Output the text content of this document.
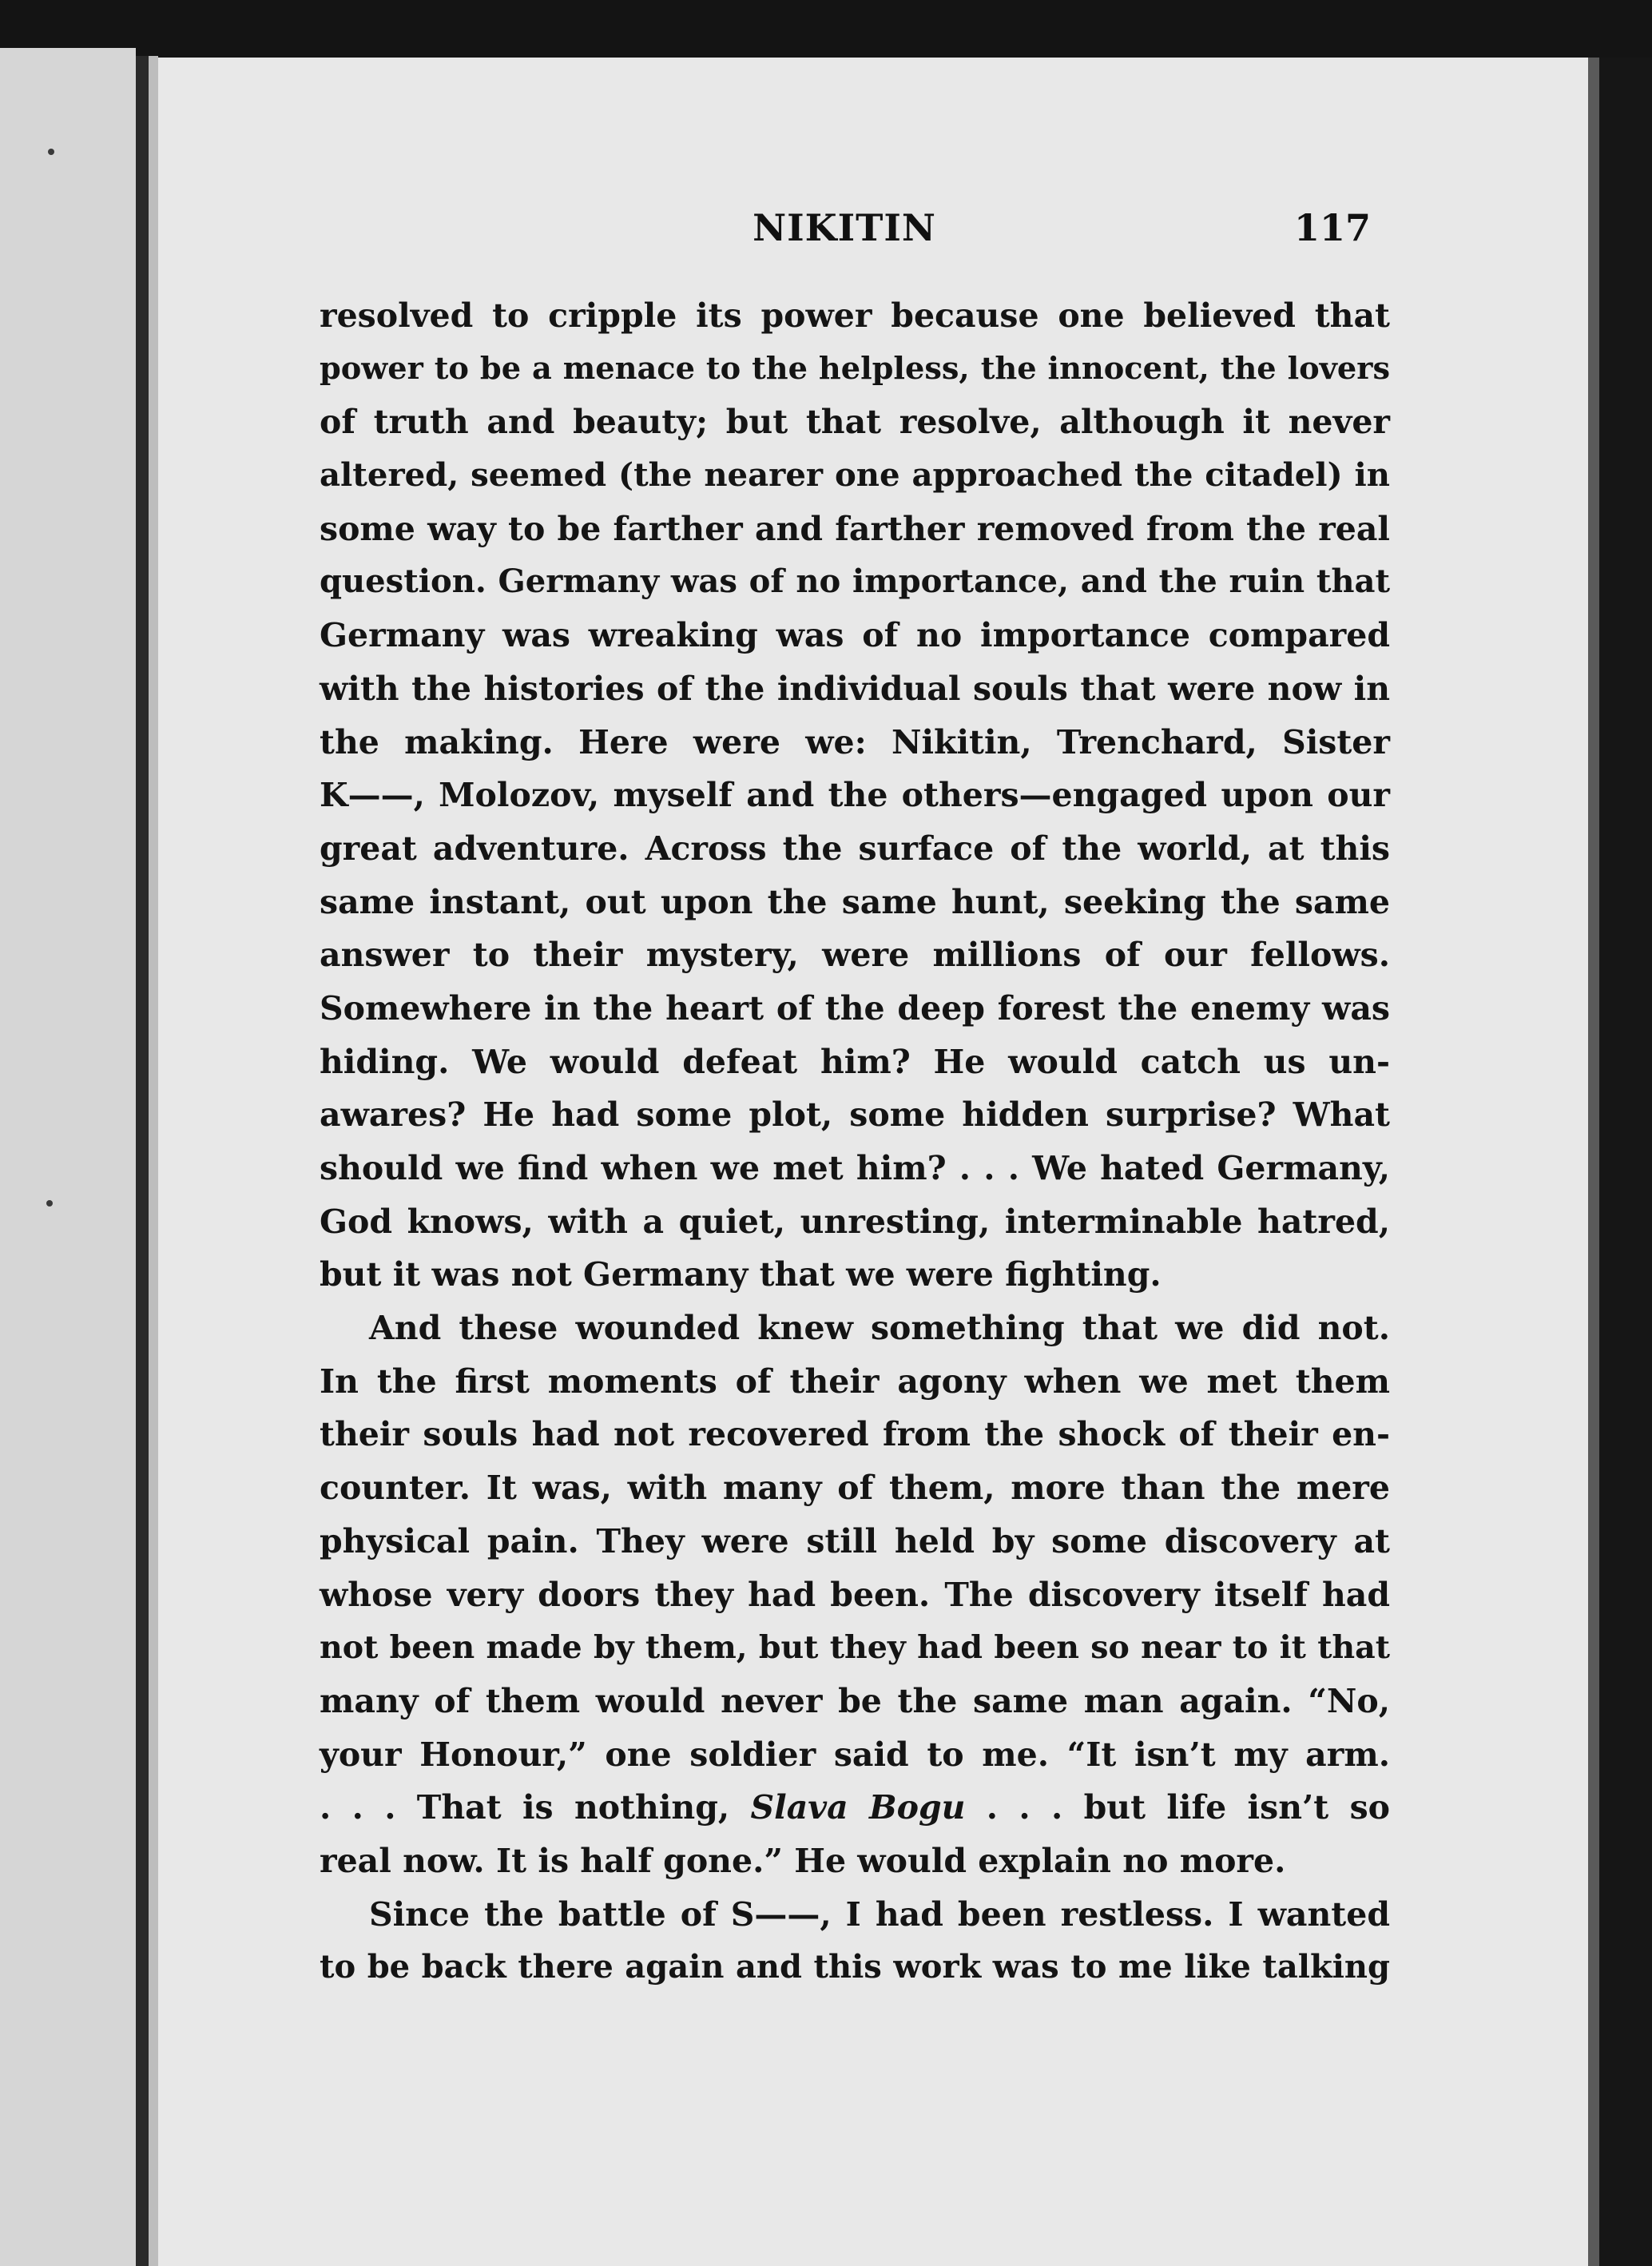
NIKITIN	117
resolved to cripple its power because one believed that
power to be a menace to the helpless, the innocent, the lovers
of truth and beauty; but that resolve, although it never
altered, seemed (the nearer one approached the citadel) in
some way to be farther and farther removed from the real
question. Germany was of no importance, and the ruin that
Germany was wreaking was of no importance compared
with the histories of the individual souls that were now in
the making. Here were we: Nikitin, Trenchard, Sister
K——, Molozov, myself and the others—engaged upon our
great adventure. Across the surface of the world, at this
same instant, out upon the same hunt, seeking the same
answer to their mystery, were millions of our fellows.
Somewhere in the heart of the deep forest the enemy was
hiding. We would defeat him? He would catch us un-
awares? He had some plot, some hidden surprise? What
should we find when we met him? . . . We hated Germany,
God knows, with a quiet, unresting, interminable hatred,
but it was not Germany that we were fighting.
And these wounded knew something that we did not.
In the first moments of their agony when we met them
their souls had not recovered from the shock of their en-
counter. It was, with many of them, more than the mere
physical pain. They were still held by some discovery at
whose very doors they had been. The discovery itself had
not been made by them, but they had been so near to it that
many of them would never be the same man again. “No,
your Honour,” one soldier said to me. “It isn’t my arm.
. . . That is nothing, Slava Bogu . . . but life isn’t so
real now. It is half gone.” He would explain no more.
Since the battle of S——, I had been restless. I wanted
to be back there again and this work was to me like talking
